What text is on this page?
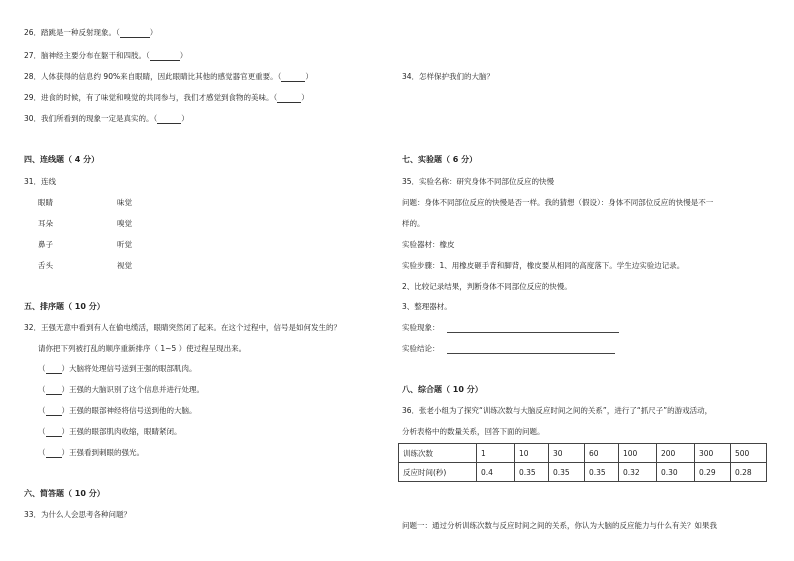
26．踏跳是一种反射现象。（	）
27．脑神经主要分布在躯干和四肢。（	）
28．人体获得的信息约 90%来自眼睛，因此眼睛比其他的感觉器官更重要。（	）
29．进食的时候，有了味觉和嗅觉的共同参与，我们才感觉到食物的美味。（	）
30．我们所看到的现象一定是真实的。（	）
四、连线题（ 4 分）
31．连线
眼睛	味觉
耳朵	嗅觉
鼻子	听觉
舌头	视觉
五、排序题（ 10 分）
32．王强无意中看到有人在偷电缆活，眼睛突然闭了起来。在这个过程中，信号是如何发生的？
请你把下列被打乱的顺序重新排序（ 1~5 ）使过程呈现出来。
（ ）大脑将处理信号送到王强的眼部肌肉。
（ ）王强的大脑识别了这个信息并进行处理。
（ ）王强的眼部神经将信号送到他的大脑。
（ ）王强的眼部肌肉收缩，眼睛紧闭。
（ ）王强看到刺眼的强光。
六、简答题（ 10 分）
33．为什么人会思考各种问题？
34．怎样保护我们的大脑？
七、实验题（ 6 分）
35．实验名称：研究身体不同部位反应的快慢
问题：身体不同部位反应的快慢是否一样。我的猜想（假设）：身体不同部位反应的快慢是不一
样的。
实验器材：橡皮
实验步骤：1、用橡皮砸手背和脚背，橡皮要从相同的高度落下。学生边实验边记录。
2、比较记录结果，判断身体不同部位反应的快慢。
3、整理器材。
实验现象：
实验结论：
八、综合题（ 10 分）
36．张老小组为了探究“训练次数与大脑反应时间之间的关系”，进行了“抓尺子”的游戏活动，
分析表格中的数量关系，回答下面的问题。
训练次数	1	10	30	60	100	200	300	500
反应时间(秒)	0.4	0.35	0.35	0.35	0.32	0.30	0.29	0.28
问题一：通过分析训练次数与反应时间之间的关系，你认为大脑的反应能力与什么有关？如果我
